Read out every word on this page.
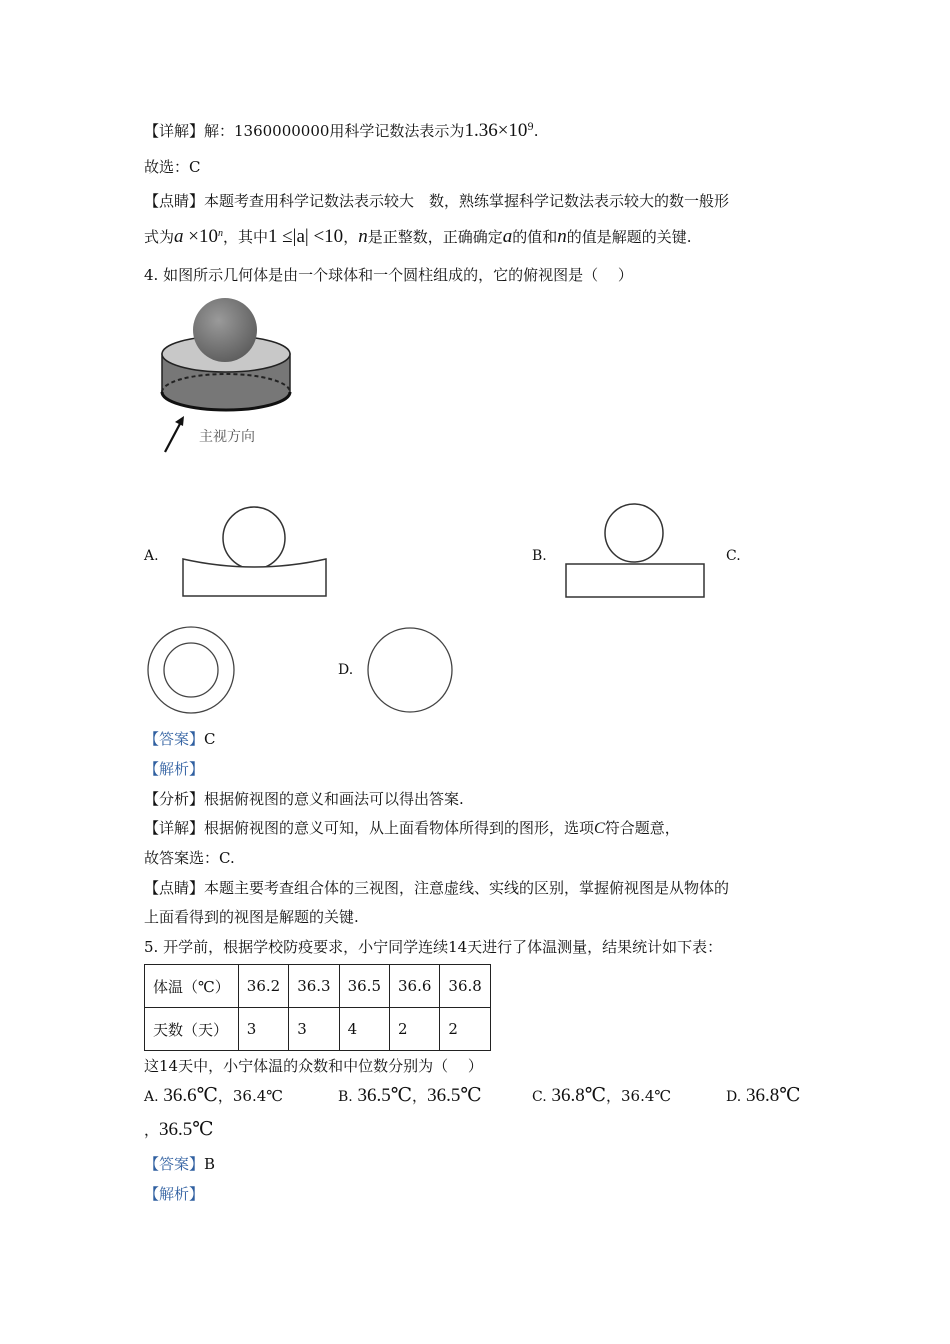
【详解】解：1360000000用科学记数法表示为$1.36\times 10^9$.
故选：C
【点睛】本题考查用科学记数法表示较大　数，熟练掌握科学记数法表示较大的数一般形
式为$a \times 10^n$，其中1 ≤|a| <10，n是正整数，正确确定a的值和n的值是解题的关键.
4. 如图所示几何体是由一个球体和一个圆柱组成的，它的俯视图是（　 ）
主视方向
A.	B.	C.
D.
【答案】C
【解析】
【分析】根据俯视图的意义和画法可以得出答案.
【详解】根据俯视图的意义可知，从上面看物体所得到的图形，选项C符合题意，
故答案选：C.
【点睛】本题主要考查组合体的三视图，注意虚线、实线的区别，掌握俯视图是从物体的
上面看得到的视图是解题的关键.
5. 开学前，根据学校防疫要求，小宁同学连续14天进行了体温测量，结果统计如下表：
体温（℃）	36.2	36.3	36.5	36.6	36.8
天数（天）	3	3	4	2	2
这14天中，小宁体温的众数和中位数分别为（　 ）
A. 36.6℃，36.4℃	B. 36.5℃，36.5℃	C. 36.8℃，36.4℃	D. 36.8℃
，36.5℃
【答案】B
【解析】
